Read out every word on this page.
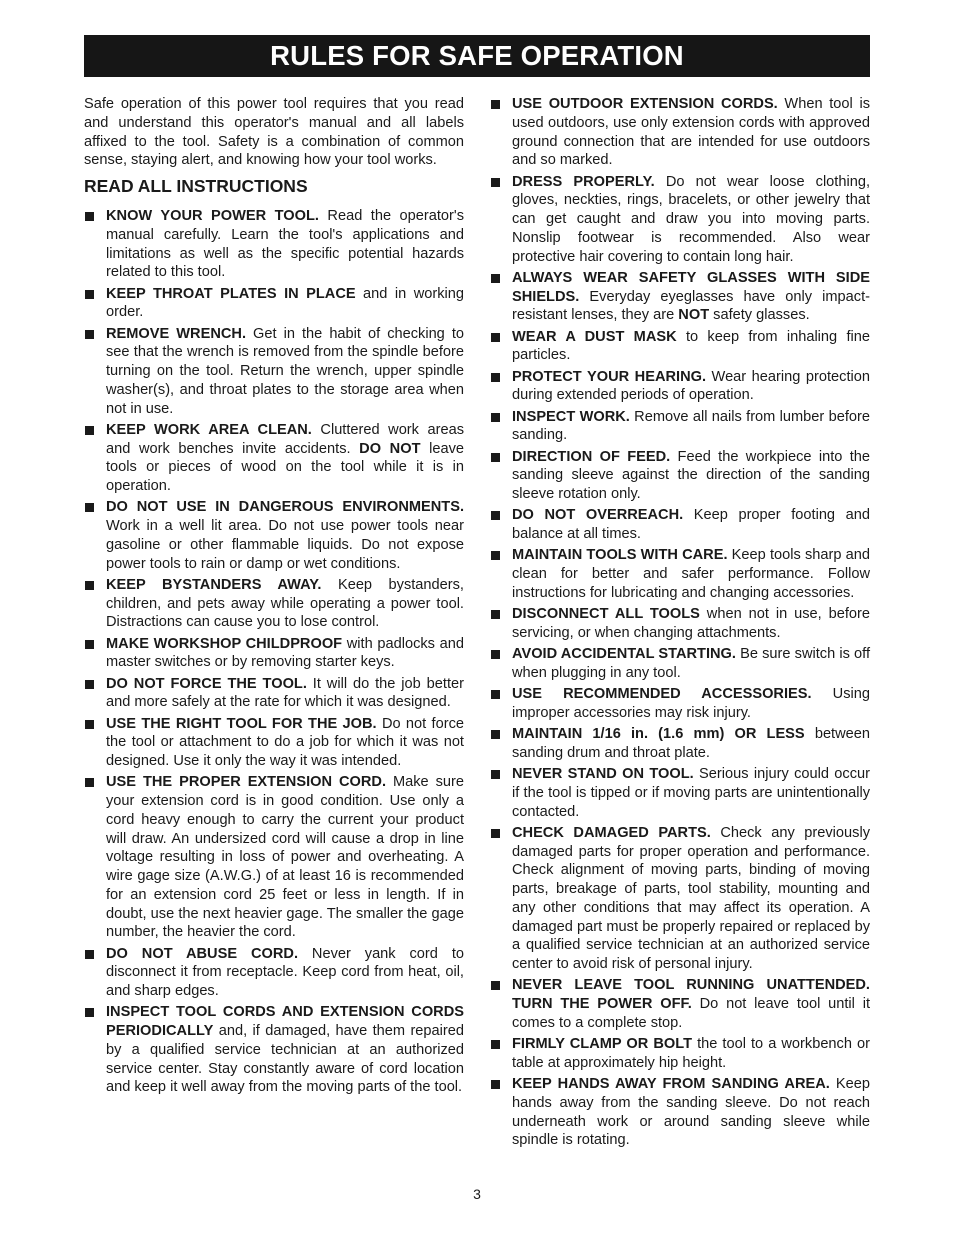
RULES FOR SAFE OPERATION

Safe operation of this power tool requires that you read and understand this operator's manual and all labels affixed to the tool. Safety is a combination of common sense, staying alert, and knowing how your tool works.

READ ALL INSTRUCTIONS
KNOW YOUR POWER TOOL. Read the operator's manual carefully. Learn the tool's applications and limitations as well as the specific potential hazards related to this tool.
KEEP THROAT PLATES IN PLACE and in working order.
REMOVE WRENCH. Get in the habit of checking to see that the wrench is removed from the spindle before turning on the tool. Return the wrench, upper spindle washer(s), and throat plates to the storage area when not in use.
KEEP WORK AREA CLEAN. Cluttered work areas and work benches invite accidents. DO NOT leave tools or pieces of wood on the tool while it is in operation.
DO NOT USE IN DANGEROUS ENVIRONMENTS. Work in a well lit area. Do not use power tools near gasoline or other flammable liquids. Do not expose power tools to rain or damp or wet conditions.
KEEP BYSTANDERS AWAY. Keep bystanders, children, and pets away while operating a power tool. Distractions can cause you to lose control.
MAKE WORKSHOP CHILDPROOF with padlocks and master switches or by removing starter keys.
DO NOT FORCE THE TOOL. It will do the job better and more safely at the rate for which it was designed.
USE THE RIGHT TOOL FOR THE JOB. Do not force the tool or attachment to do a job for which it was not designed. Use it only the way it was intended.
USE THE PROPER EXTENSION CORD. Make sure your extension cord is in good condition. Use only a cord heavy enough to carry the current your product will draw. An undersized cord will cause a drop in line voltage resulting in loss of power and overheating. A wire gage size (A.W.G.) of at least 16 is recommended for an extension cord 25 feet or less in length. If in doubt, use the next heavier gage. The smaller the gage number, the heavier the cord.
DO NOT ABUSE CORD. Never yank cord to disconnect it from receptacle. Keep cord from heat, oil, and sharp edges.
INSPECT TOOL CORDS AND EXTENSION CORDS PERIODICALLY and, if damaged, have them repaired by a qualified service technician at an authorized service center. Stay constantly aware of cord location and keep it well away from the moving parts of the tool.
USE OUTDOOR EXTENSION CORDS. When tool is used outdoors, use only extension cords with approved ground connection that are intended for use outdoors and so marked.
DRESS PROPERLY. Do not wear loose clothing, gloves, neckties, rings, bracelets, or other jewelry that can get caught and draw you into moving parts. Nonslip footwear is recommended. Also wear protective hair covering to contain long hair.
ALWAYS WEAR SAFETY GLASSES WITH SIDE SHIELDS. Everyday eyeglasses have only impact-resistant lenses, they are NOT safety glasses.
WEAR A DUST MASK to keep from inhaling fine particles.
PROTECT YOUR HEARING. Wear hearing protection during extended periods of operation.
INSPECT WORK. Remove all nails from lumber before sanding.
DIRECTION OF FEED. Feed the workpiece into the sanding sleeve against the direction of the sanding sleeve rotation only.
DO NOT OVERREACH. Keep proper footing and balance at all times.
MAINTAIN TOOLS WITH CARE. Keep tools sharp and clean for better and safer performance. Follow instructions for lubricating and changing accessories.
DISCONNECT ALL TOOLS when not in use, before servicing, or when changing attachments.
AVOID ACCIDENTAL STARTING. Be sure switch is off when plugging in any tool.
USE RECOMMENDED ACCESSORIES. Using improper accessories may risk injury.
MAINTAIN 1/16 in. (1.6 mm) OR LESS between sanding drum and throat plate.
NEVER STAND ON TOOL. Serious injury could occur if the tool is tipped or if moving parts are unintentionally contacted.
CHECK DAMAGED PARTS. Check any previously damaged parts for proper operation and performance. Check alignment of moving parts, binding of moving parts, breakage of parts, tool stability, mounting and any other conditions that may affect its operation. A damaged part must be properly repaired or replaced by a qualified service technician at an authorized service center to avoid risk of personal injury.
NEVER LEAVE TOOL RUNNING UNATTENDED. TURN THE POWER OFF. Do not leave tool until it comes to a complete stop.
FIRMLY CLAMP OR BOLT the tool to a workbench or table at approximately hip height.
KEEP HANDS AWAY FROM SANDING AREA. Keep hands away from the sanding sleeve. Do not reach underneath work or around sanding sleeve while spindle is rotating.
3
